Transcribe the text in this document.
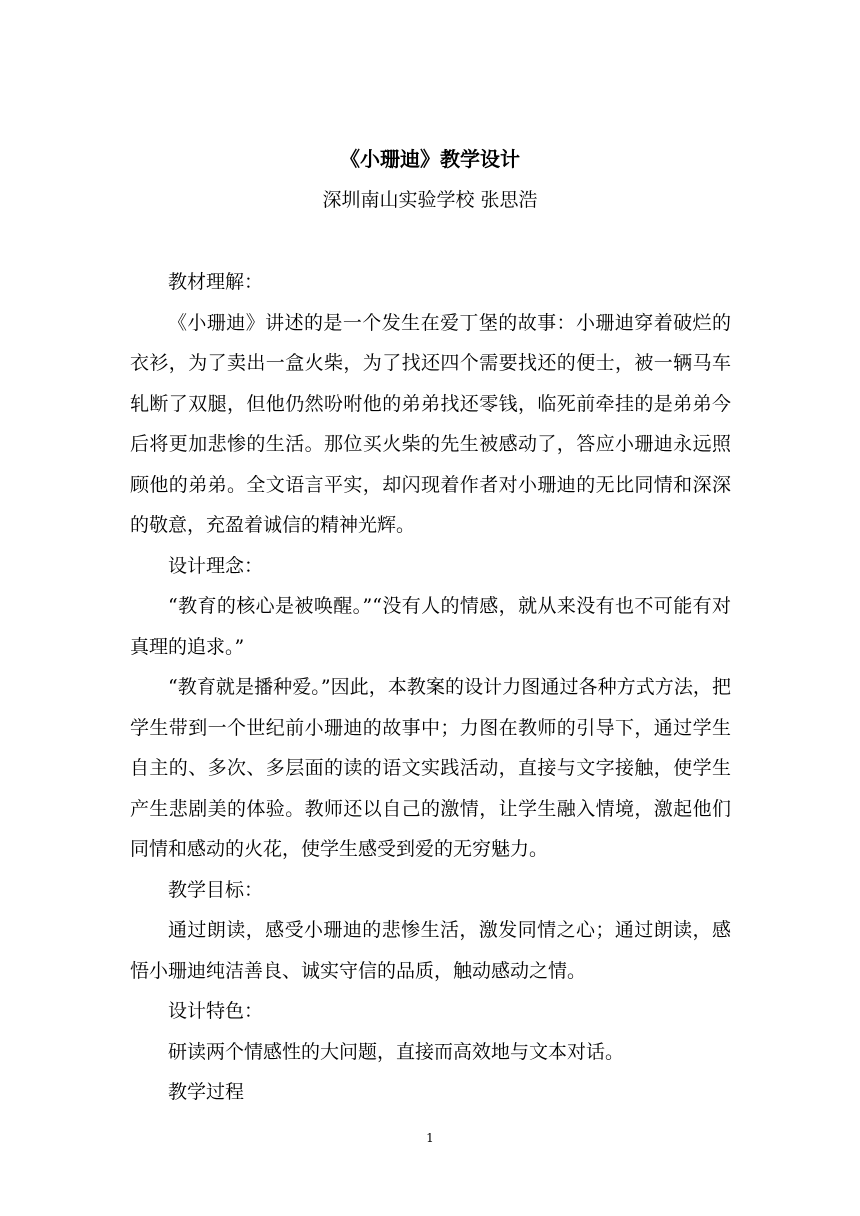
《小珊迪》教学设计
深圳南山实验学校 张思浩

教材理解：

《小珊迪》讲述的是一个发生在爱丁堡的故事：小珊迪穿着破烂的衣衫，为了卖出一盒火柴，为了找还四个需要找还的便士，被一辆马车轧断了双腿，但他仍然吩咐他的弟弟找还零钱，临死前牵挂的是弟弟今后将更加悲惨的生活。那位买火柴的先生被感动了，答应小珊迪永远照顾他的弟弟。全文语言平实，却闪现着作者对小珊迪的无比同情和深深的敬意，充盈着诚信的精神光辉。

设计理念：

“教育的核心是被唤醒。”“没有人的情感，就从来没有也不可能有对真理的追求。”

“教育就是播种爱。”因此，本教案的设计力图通过各种方式方法，把学生带到一个世纪前小珊迪的故事中；力图在教师的引导下，通过学生自主的、多次、多层面的读的语文实践活动，直接与文字接触，使学生产生悲剧美的体验。教师还以自己的激情，让学生融入情境，激起他们同情和感动的火花，使学生感受到爱的无穷魅力。

教学目标：

通过朗读，感受小珊迪的悲惨生活，激发同情之心；通过朗读，感悟小珊迪纯洁善良、诚实守信的品质，触动感动之情。

设计特色：

研读两个情感性的大问题，直接而高效地与文本对话。

教学过程

1
